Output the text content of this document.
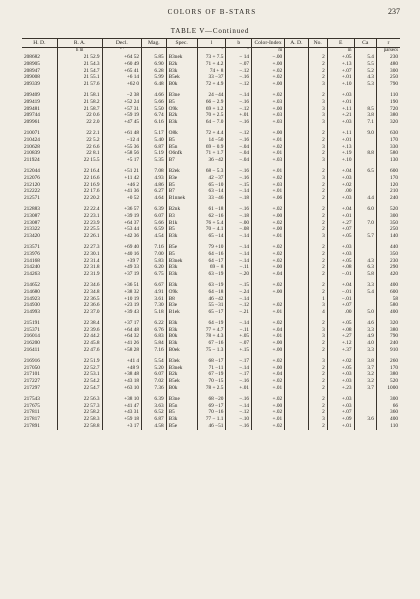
COLORS OF B-STARS	237
TABLE V—Continued
H. D.	R. A.	Decl.	Mag.	Spec.	l	b	Color-Index	A. D.	No.	E	Ca	r
	h m	° ′			°	°	m			m		parsecs
208682	21 52.9	+64 52	5.85	B3nek	73 + 7.5	− 14	−.00		2	+.05	5.4	230
208905	21 54.3	+60 49	6.90	B2k	71 + 4.2	−.07	+.00		2	+.13	5.5	480
208947	21 54.7	+65 41	6.28	B3k	74 + 8	−.12	+.02		2	+.07	5.2	300
209008	21 55.1	+6 14	5.99	B5ek	33 −37	−.16	+.02		2	+.01	4.3	250
209339	21 57.6	+62 0	6.48	B0k	72 + 4.9	−.12	+.00		3	+.10	5.3	790

209409	21 58.1	−2 38	4.66	B3ne	24 −44	−.14	+.02		2	+.03		110
209419	21 58.2	+52 24	5.66	B5	66 − 2.9	−.16	+.03		3	+.01		190
209481	21 58.7	+57 31	5.50	O9k	69 + 1.2	−.12	+.00		3	+.11	8.5	720
209744	22 0.6	+59 19	6.74	B2k	70 + 2.5	+.01	+.03		3	+.21	3.8	380
209961	22 2.0	+47 45	6.16	B3k	64 − 7.0	−.16	+.03		3	+.03	7.1	320

210071	22 2.1	+61 48	5.17	O8k	72 + 4.4	−.12	+.00		2	+.11	9.0	630
210424	22 5.2	−12 4	5.40	B5	14 −50	−.16	+.01		2	+.01		170
210628	22 6.6	+55 36	6.87	B5n	69 − 0.9	−.04	+.02		3	+.13		330
210839	22 8.1	+58 56	5.19	O6nfk	71 + 1.7	−.04	+.01		2	+.19	8.8	580
211924	22 15.5	+5 17	5.35	B7	36 −42	−.04	+.03		3	+.10		130

212044	22 16.4	+51 21	7.08	B2ek	68 − 5.3	−.16	+.01		2	+.04	6.5	600
212076	22 16.6	+11 42	4.93	B3e	42 −37	−.16	+.02		3	+.03		170
212120	22 16.9	+46 2	4.86	B5	65 −10	−.15	+.03		2	+.02		120
212222	22 17.6	+41 36	6.27	B7	63 −14	−.14	+.01		2	.00		210
212571	22 20.2	+0 52	4.64	B1nnek	33 −46	−.18	+.06		2	+.03	4.4	240

212883	22 22.4	+36 57	6.39	B2nk	61 −18	−.16	+.02		2	+.04	6.0	520
213087	22 23.1	+39 19	6.07	B3	62 −16	−.18	+.00		2	+.01		300
213087	22 23.9	+64 37	5.66	B1k	76 + 5.4	−.00	+.02		2	+.27	7.0	350
213322	22 25.5	+53 44	6.59	B5	70 − 4.1	−.08	+.00		2	+.07		250
213420	22 26.1	+42 36	4.54	B3k	65 −14	−.14	+.01		3	+.05	5.7	140

213571	22 27.3	+69 40	7.16	B5e	79 +10	−.14	+.02		2	+.03		440
213976	22 30.1	+40 16	7.00	B5	64 −16	−.14	+.02		2	+.03		350
214168	22 31.4	+39 7	5.83	B3nek	64 −17	−.14	+.02		2	+.05	4.3	230
214240	22 31.8	+49 33	6.20	B3k	69 − 8	−.11	+.00		2	+.08	6.3	290
214263	22 31.9	+37 19	6.75	B3k	63 −19	−.20	+.04		2	−.01	5.8	420

214652	22 34.6	+36 51	6.67	B3k	63 −19	−.15	+.02		2	+.04	3.3	400
214680	22 34.8	+38 32	4.91	O9k	64 −18	−.24	+.00		2	−.01	5.4	600
214923	22 36.5	+10 19	3.61	B8	46 −42	−.14			1	−.01		58
214930	22 36.6	+23 19	7.30	B3e	55 −31	−.12	+.02		3	+.07		580
214993	22 37.0	+39 43	5.18	B1ek	65 −17	−.21	+.01		4	.00	5.0	400

215191	22 38.4	+37 17	6.22	B3k	64 −19	−.14	+.02		2	+.05	4.6	320
215371	22 39.6	+64 48	6.76	B3k	77 + 4.7	−.11	+.04		3	+.08	3.3	380
216014	22 44.2	+64 32	6.83	B0k	78 + 4.3	+.05	+.01		3	+.27	4.9	790
216200	22 45.8	+41 26	5.84	B3k	67 −16	−.07	+.00		2	+.12	4.0	240
216411	22 47.6	+58 28	7.16	B0ek	75 − 1.3	+.15	+.00		2	+.37	3.3	910

216916	22 51.9	+41 4	5.54	B3ek	68 −17	−.17	+.02		3	+.02	3.8	260
217050	22 52.7	+48 9	5.20	B3nek	71 −11	−.14	+.00		2	+.05	3.7	170
217101	22 53.1	+38 48	6.07	B2k	67 −19	−.17	+.04		2	+.03	3.2	380
217227	22 54.2	+43 18	7.02	B5ek	70 −15	−.16	+.02		2	+.03	3.2	520
217297	22 54.7	+63 10	7.36	B0k	78 + 2.5	+.01	+.01		2	+.23	3.7	1000

217543	22 56.3	+38 10	6.39	B3ne	68 −20	−.16	+.02		2	+.03		300
217675	22 57.3	+41 47	3.63	B5n	69 −17	−.14	+.00		2	+.03		66
217811	22 58.2	+43 31	6.52	B5	70 −16	−.12	+.02		2	+.07		360
217817	22 58.3	+59 18	6.87	B3k	77 − 1.1	−.10	+.01		3	+.09	3.6	400
217891	22 58.8	+3 17	4.58	B5e	46 −51	−.16	+.02		2	+.01		110
